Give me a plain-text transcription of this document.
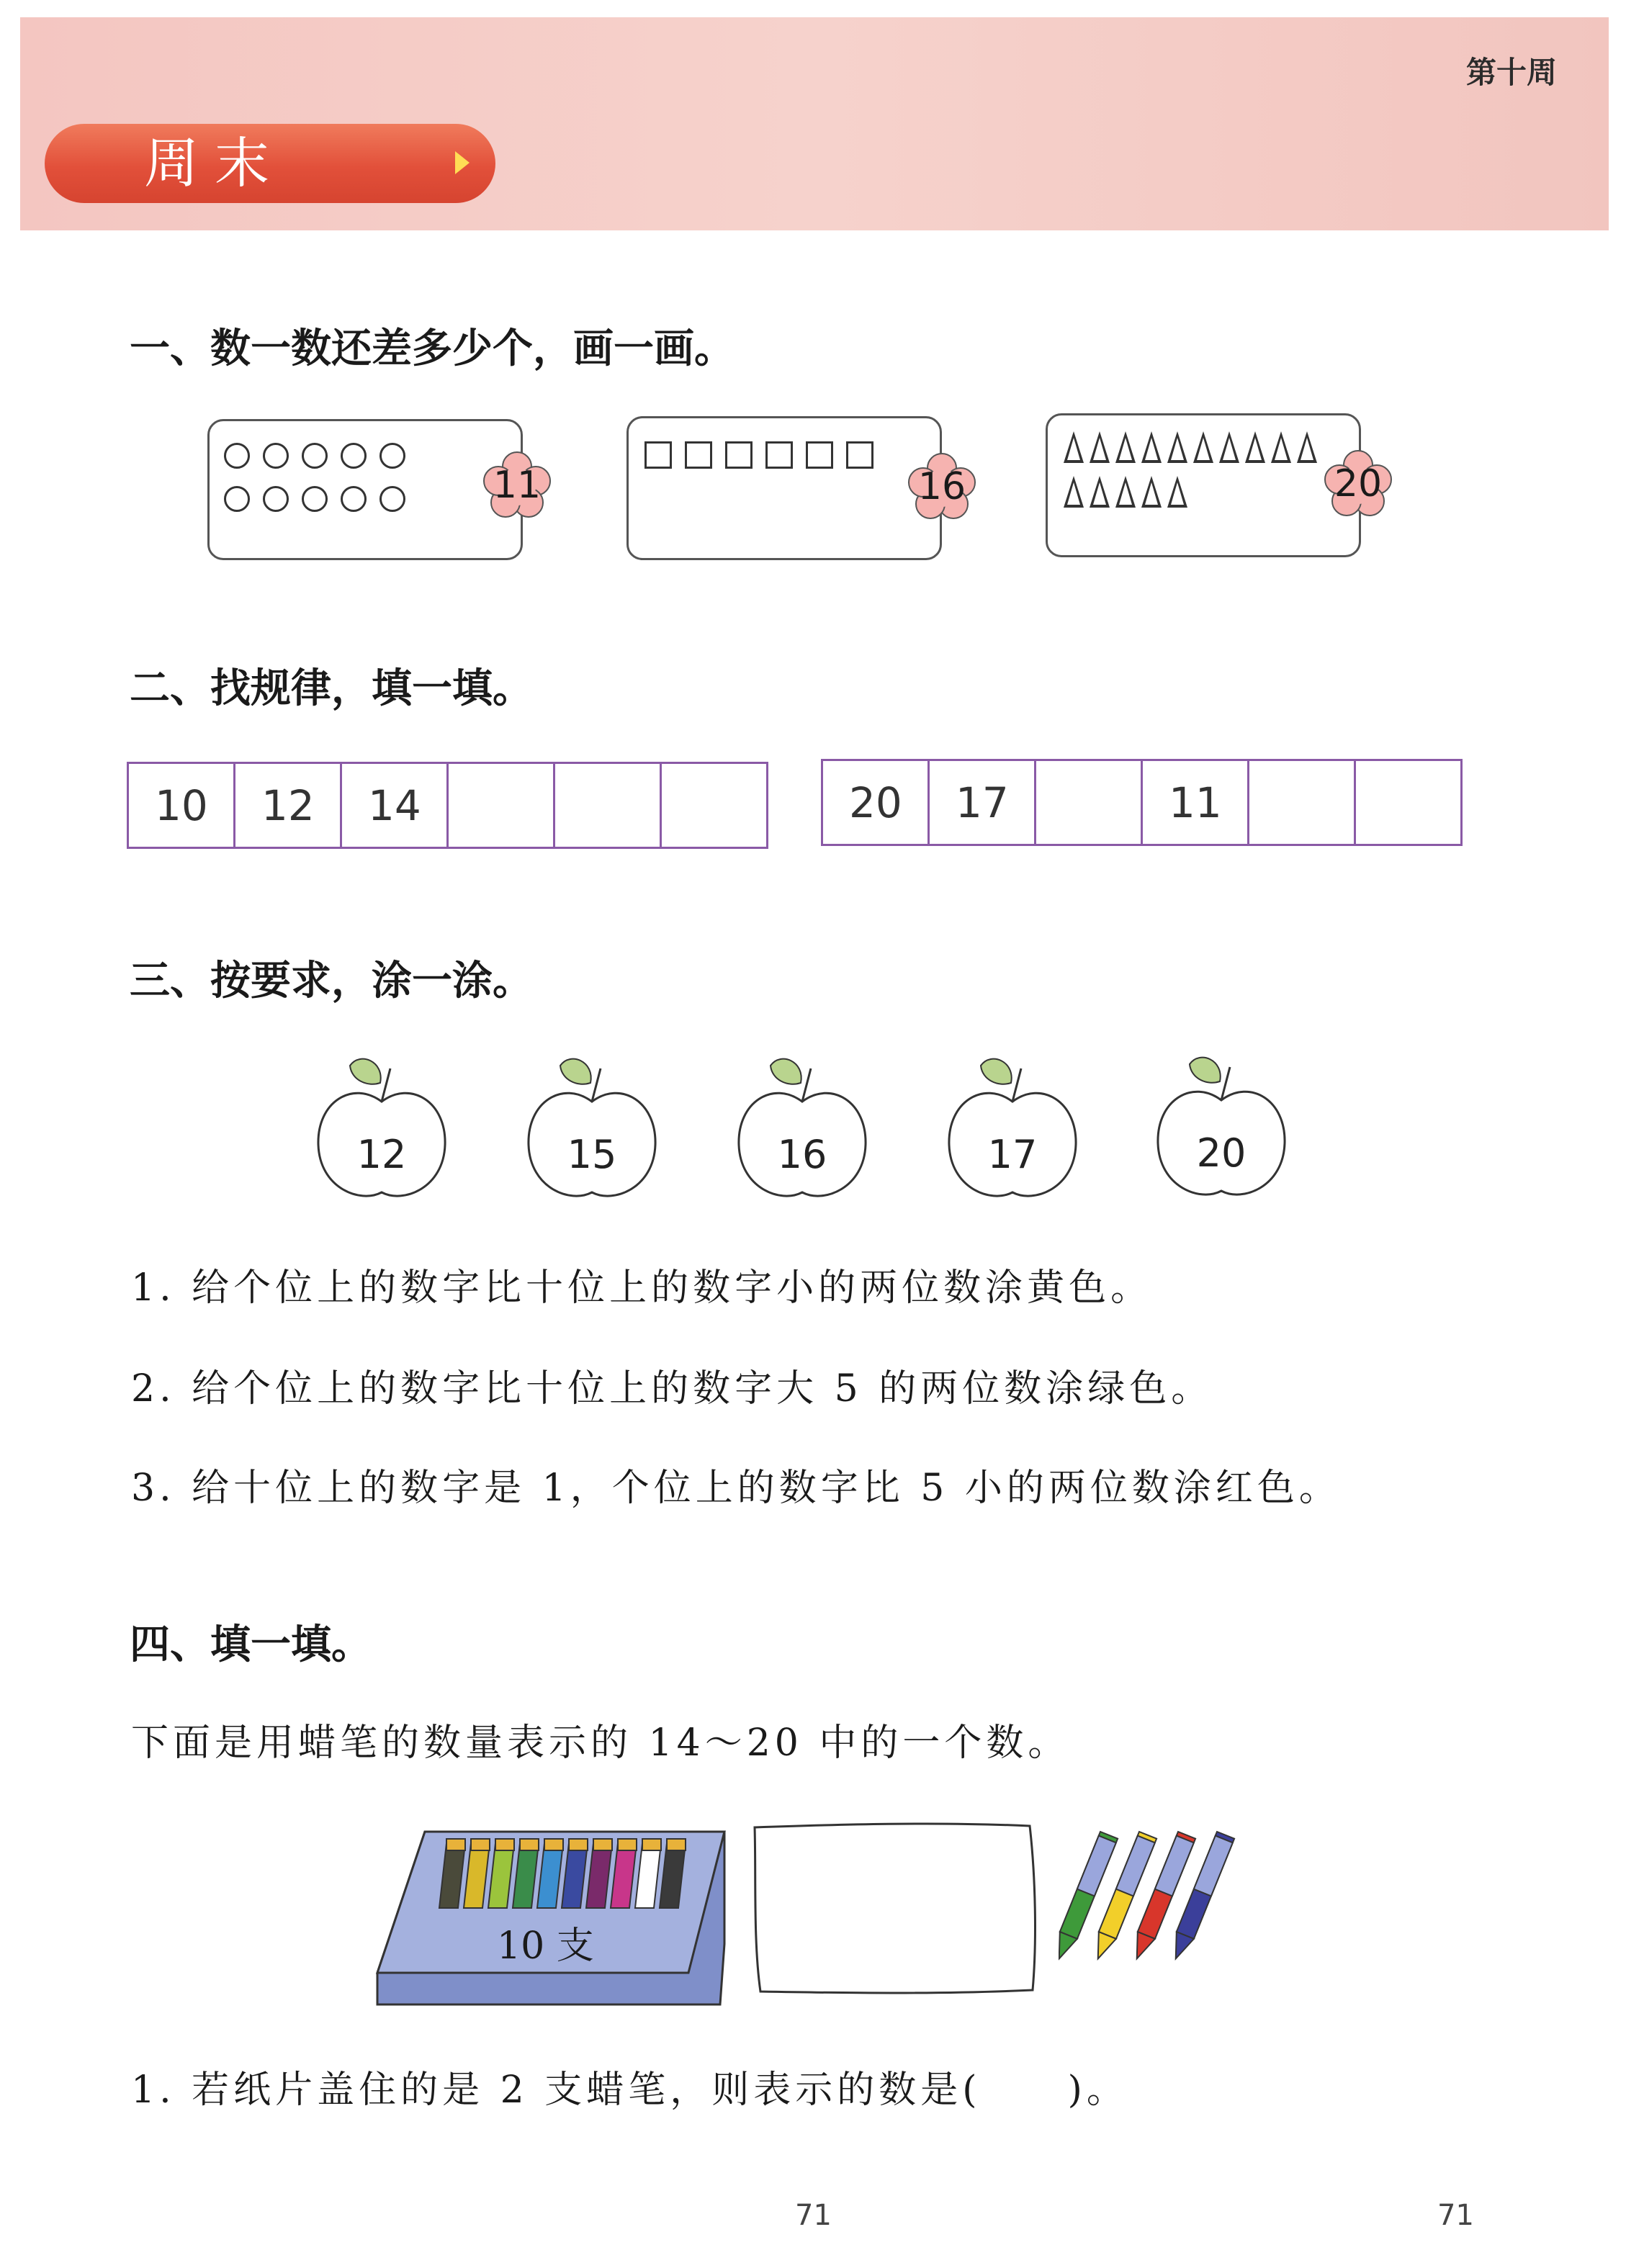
第十周
周末
一、数一数还差多少个，画一画。
11	16	20
二、找规律，填一填。
10	12	14				20	17		11		
三、按要求，涂一涂。
12	15	16	17	20
1. 给个位上的数字比十位上的数字小的两位数涂黄色。
2. 给个位上的数字比十位上的数字大 5 的两位数涂绿色。
3. 给十位上的数字是 1，个位上的数字比 5 小的两位数涂红色。
四、填一填。
下面是用蜡笔的数量表示的 14～20 中的一个数。
10 支
1. 若纸片盖住的是 2 支蜡笔，则表示的数是( )。
71	71
